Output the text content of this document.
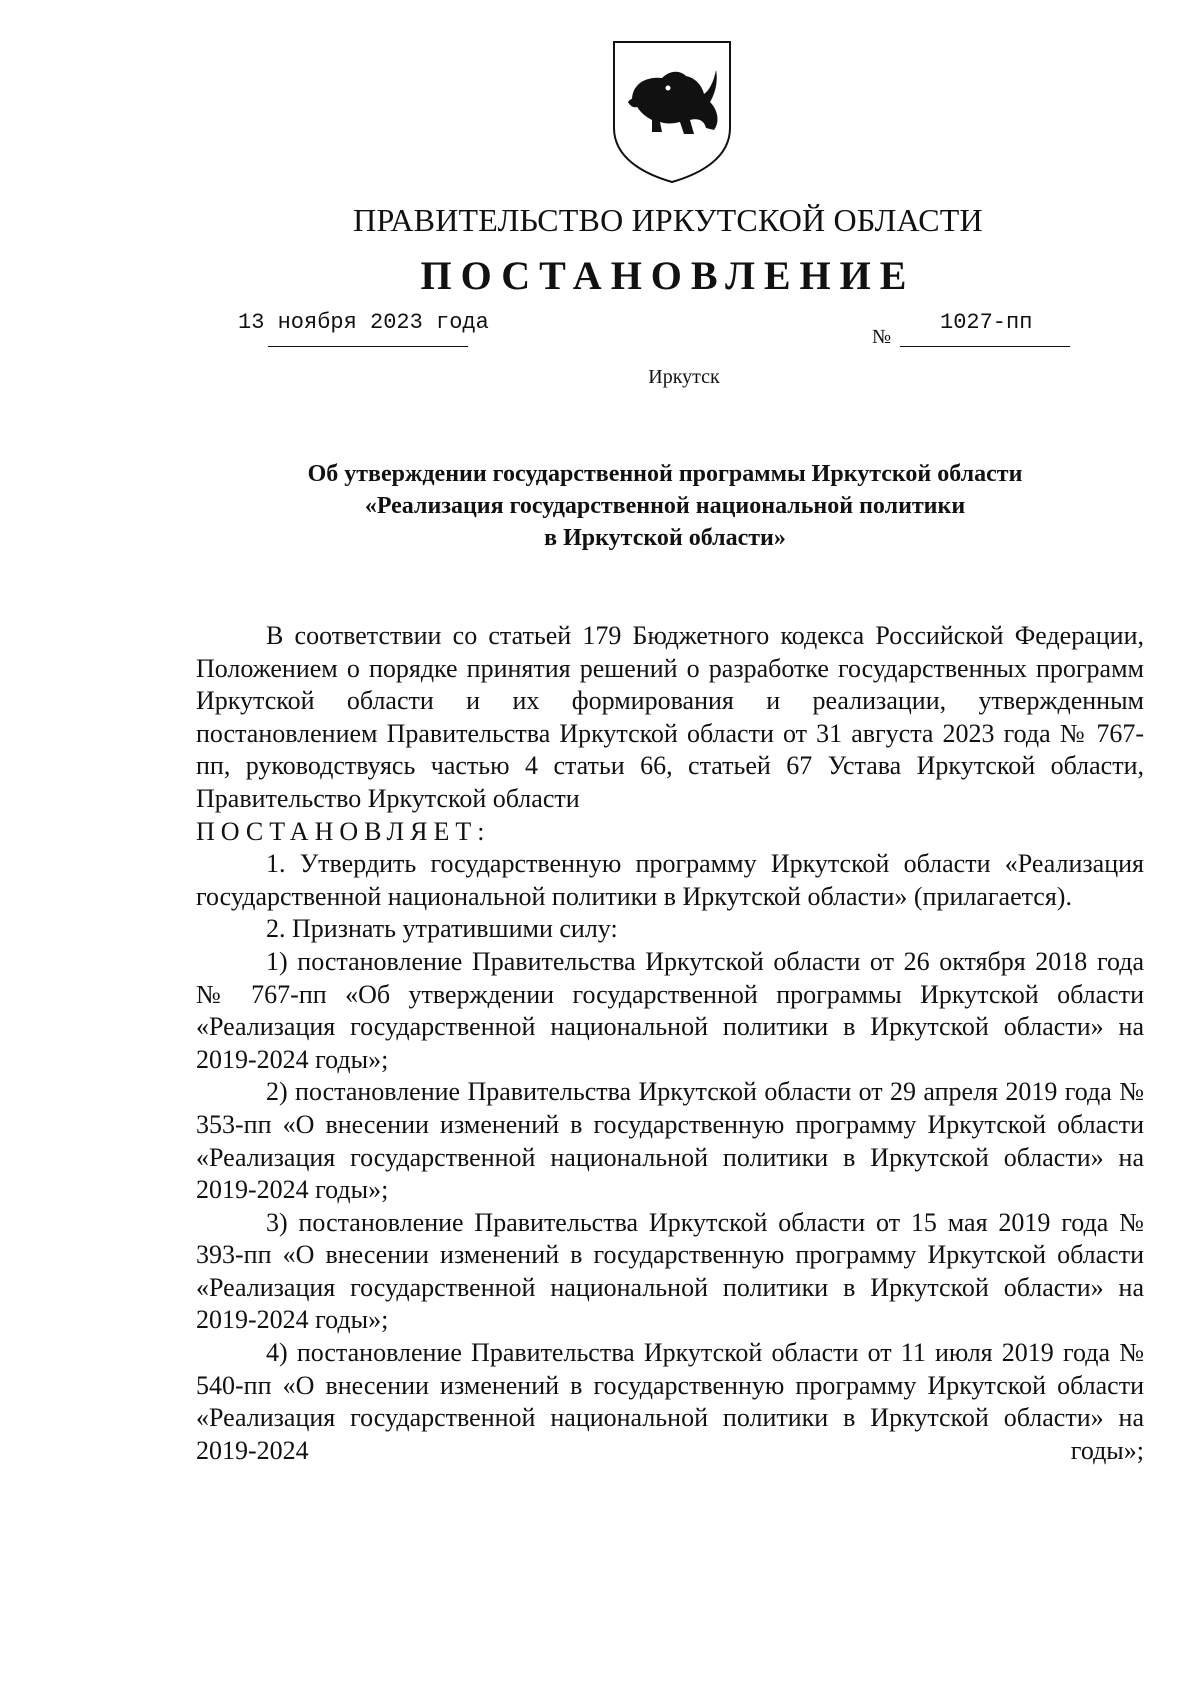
ПРАВИТЕЛЬСТВО ИРКУТСКОЙ ОБЛАСТИ
ПОСТАНОВЛЕНИЕ
13 ноября 2023 года
№
1027-пп
Иркутск
Об утверждении государственной программы Иркутской области
«Реализация государственной национальной политики
в Иркутской области»

В соответствии со статьей 179 Бюджетного кодекса Российской Федерации, Положением о порядке принятия решений о разработке государственных программ Иркутской области и их формирования и реализации, утвержденным постановлением Правительства Иркутской области от 31 августа 2023 года № 767-пп, руководствуясь частью 4 статьи 66, статьей 67 Устава Иркутской области, Правительство Иркутской области

ПОСТАНОВЛЯЕТ:

1. Утвердить государственную программу Иркутской области «Реализация государственной национальной политики в Иркутской области» (прилагается).

2. Признать утратившими силу:

1) постановление Правительства Иркутской области от 26 октября 2018 года № 767-пп «Об утверждении государственной программы Иркутской области «Реализация государственной национальной политики в Иркутской области» на 2019-2024 годы»;

2) постановление Правительства Иркутской области от 29 апреля 2019 года № 353-пп «О внесении изменений в государственную программу Иркутской области «Реализация государственной национальной политики в Иркутской области» на 2019-2024 годы»;

3) постановление Правительства Иркутской области от 15 мая 2019 года № 393-пп «О внесении изменений в государственную программу Иркутской области «Реализация государственной национальной политики в Иркутской области» на 2019-2024 годы»;

4) постановление Правительства Иркутской области от 11 июля 2019 года № 540-пп «О внесении изменений в государственную программу Иркутской области «Реализация государственной национальной политики в Иркутской области» на 2019-2024 годы»;
